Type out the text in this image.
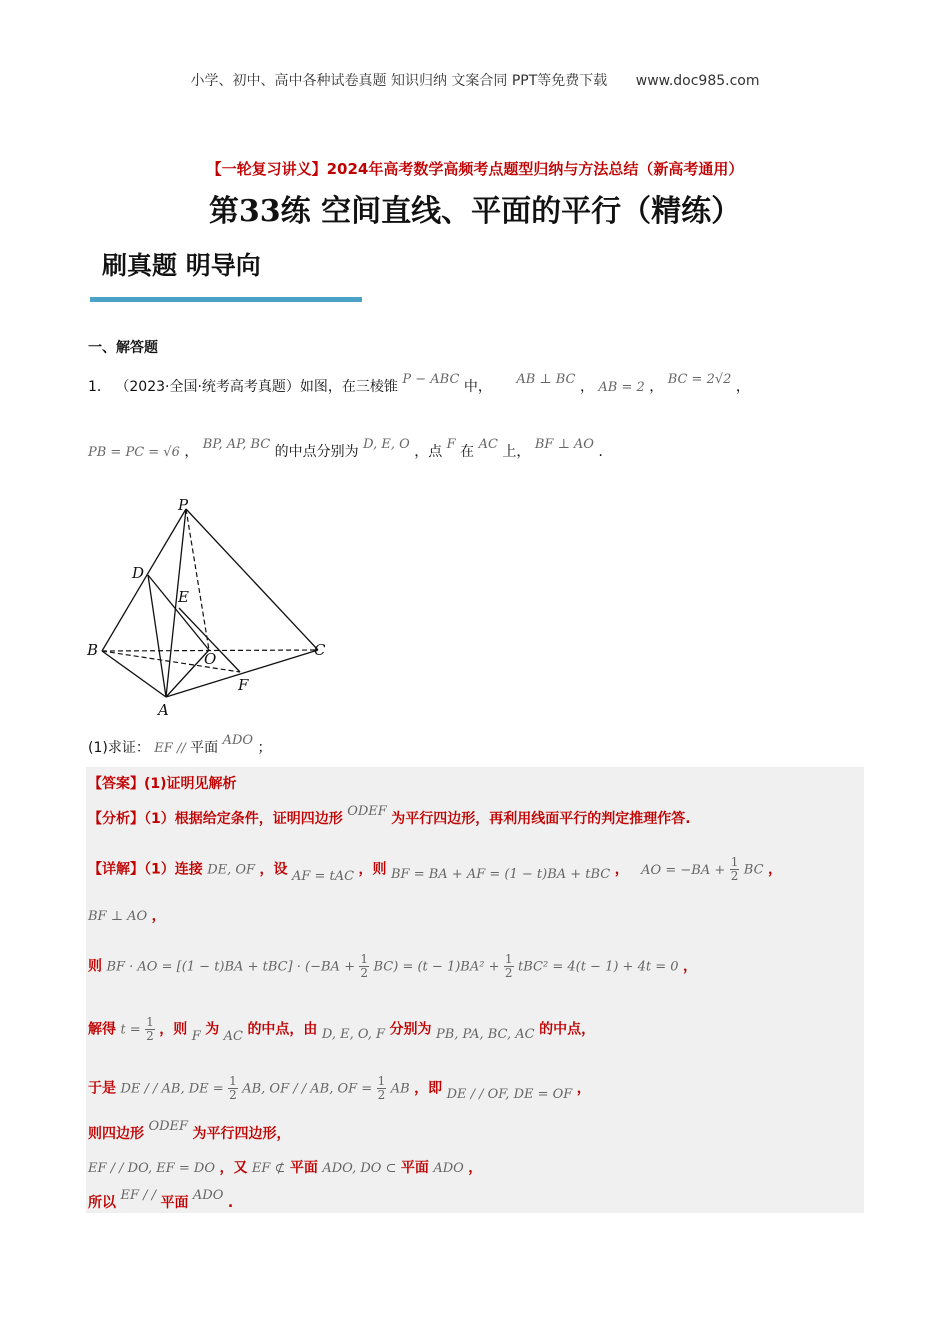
小学、初中、高中各种试卷真题 知识归纳 文案合同 PPT等免费下载 www.doc985.com
【一轮复习讲义】2024年高考数学高频考点题型归纳与方法总结（新高考通用）
第33练 空间直线、平面的平行（精练）
刷真题 明导向
一、解答题
1． （2023·全国·统考高考真题）如图，在三棱锥 P − ABC 中， AB ⊥ BC ， AB = 2 ， BC = 2√2 ，
PB = PC = √6 ， BP, AP, BC 的中点分别为 D, E, O ，点 F 在 AC 上， BF ⊥ AO .
P
D
E
B	O	C
F
A
(1)求证： EF // 平面 ADO ；
【答案】(1)证明见解析
【分析】（1）根据给定条件，证明四边形 ODEF 为平行四边形，再利用线面平行的判定推理作答.
【详解】（1）连接 DE, OF ，设 AF = tAC ，则 BF = BA + AF = (1 − t)BA + tBC ， AO = $-BA + \frac{1}{2}$ BC ，
BF ⊥ AO ，
则 BF · AO = $[(1 - t)BA + tBC] \cdot (-BA + \frac{1}{2} BC) = (t - 1)BA^2 + \frac{1}{2} tBC^2 = 4(t - 1) + 4t = 0$ ，
解得 $t = \frac{1}{2}$ ，则 F 为 AC 的中点，由 D, E, O, F 分别为 PB, PA, BC, AC 的中点，
于是 DE / / AB, DE = $\frac{1}{2}$ AB, OF / / AB, OF = $\frac{1}{2}$ AB ，即 DE / / OF, DE = OF ，
则四边形 ODEF 为平行四边形，
EF / / DO, EF = DO ，又 EF ⊄ 平面 ADO, DO ⊂ 平面 ADO ，
所以 EF / / 平面 ADO .
